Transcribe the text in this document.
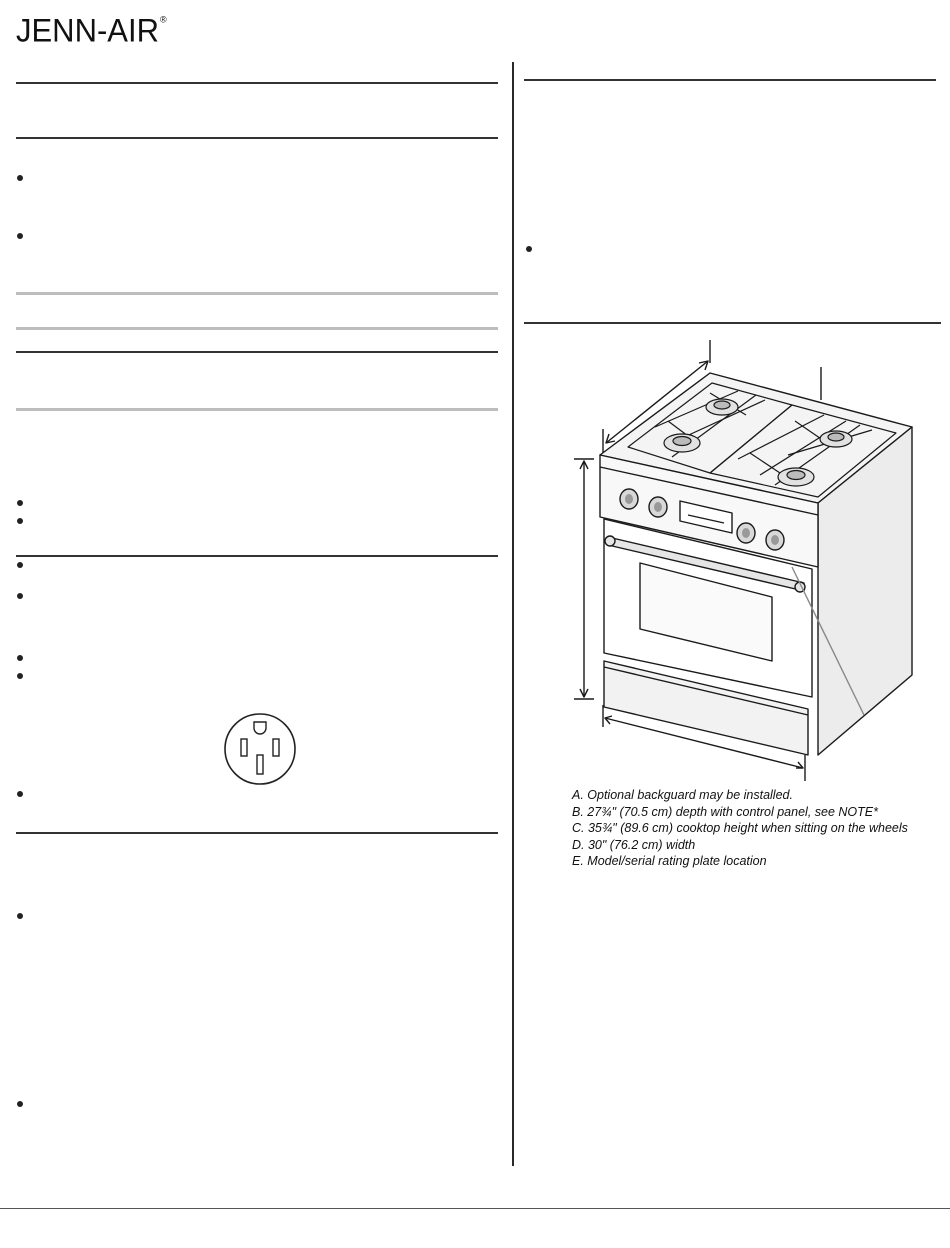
JENN-AIR®
A. Optional backguard may be installed.
B. 27¾" (70.5 cm) depth with control panel, see NOTE*
C. 35¾" (89.6 cm) cooktop height when sitting on the wheels
D. 30" (76.2 cm) width
E. Model/serial rating plate location
